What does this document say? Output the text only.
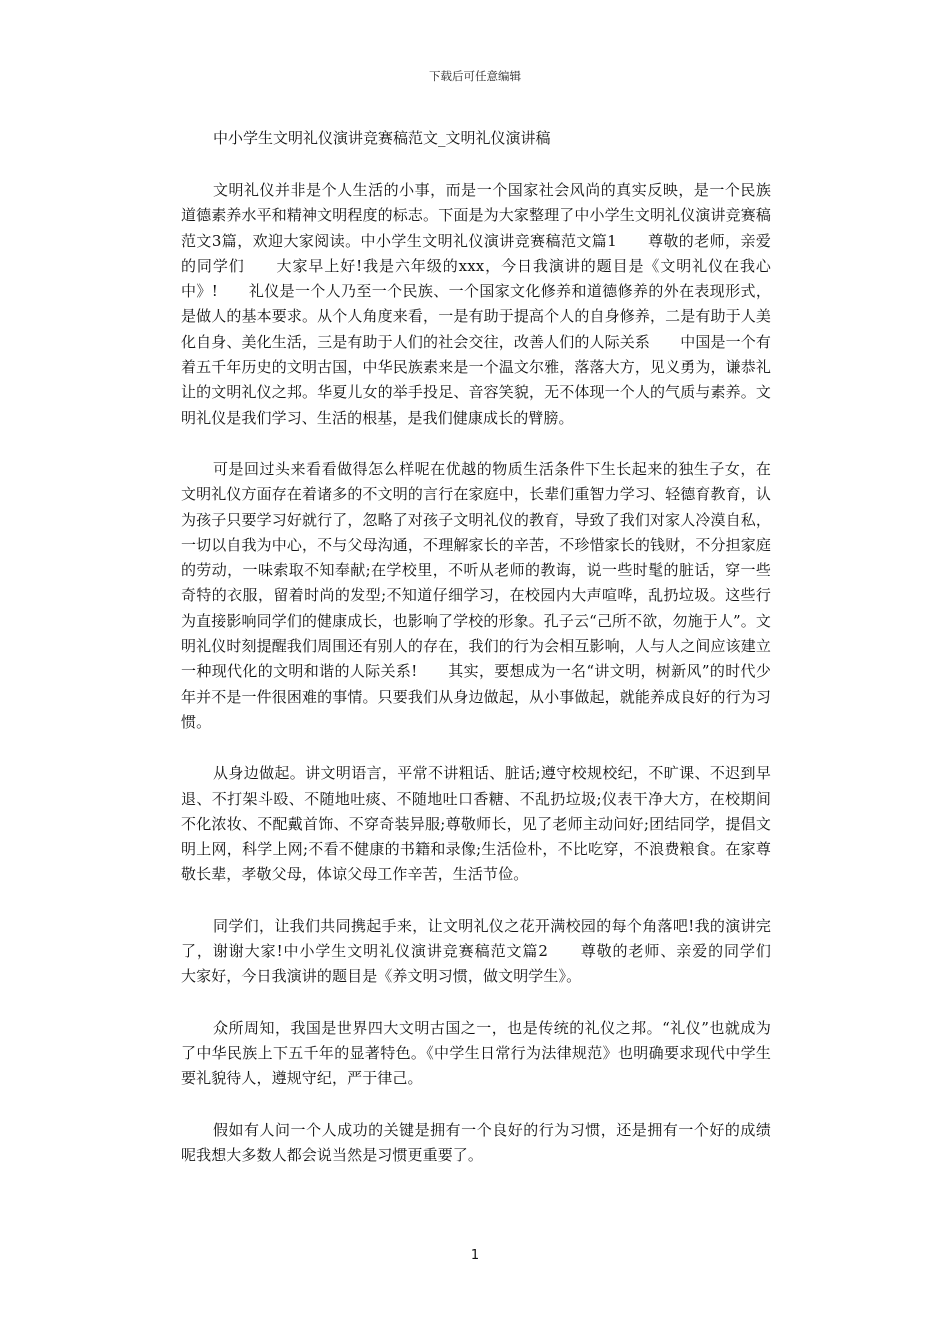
下载后可任意编辑
中小学生文明礼仪演讲竞赛稿范文_文明礼仪演讲稿

文明礼仪并非是个人生活的小事，而是一个国家社会风尚的真实反映，是一个民族道德素养水平和精神文明程度的标志。下面是为大家整理了中小学生文明礼仪演讲竞赛稿范文3篇，欢迎大家阅读。中小学生文明礼仪演讲竞赛稿范文篇1　　尊敬的老师，亲爱的同学们　　大家早上好!我是六年级的xxx，今日我演讲的题目是《文明礼仪在我心中》!　　礼仪是一个人乃至一个民族、一个国家文化修养和道德修养的外在表现形式，是做人的基本要求。从个人角度来看，一是有助于提高个人的自身修养，二是有助于人美化自身、美化生活，三是有助于人们的社会交往，改善人们的人际关系　　中国是一个有着五千年历史的文明古国，中华民族素来是一个温文尔雅，落落大方，见义勇为，谦恭礼让的文明礼仪之邦。华夏儿女的举手投足、音容笑貌，无不体现一个人的气质与素养。文明礼仪是我们学习、生活的根基，是我们健康成长的臂膀。

可是回过头来看看做得怎么样呢在优越的物质生活条件下生长起来的独生子女，在文明礼仪方面存在着诸多的不文明的言行在家庭中，长辈们重智力学习、轻德育教育，认为孩子只要学习好就行了，忽略了对孩子文明礼仪的教育，导致了我们对家人冷漠自私，一切以自我为中心，不与父母沟通，不理解家长的辛苦，不珍惜家长的钱财，不分担家庭的劳动，一味索取不知奉献;在学校里，不听从老师的教诲，说一些时髦的脏话，穿一些奇特的衣服，留着时尚的发型;不知道仔细学习，在校园内大声喧哗，乱扔垃圾。这些行为直接影响同学们的健康成长，也影响了学校的形象。孔子云“己所不欲，勿施于人”。文明礼仪时刻提醒我们周围还有别人的存在，我们的行为会相互影响，人与人之间应该建立一种现代化的文明和谐的人际关系!　　其实，要想成为一名“讲文明，树新风”的时代少年并不是一件很困难的事情。只要我们从身边做起，从小事做起，就能养成良好的行为习惯。

从身边做起。讲文明语言，平常不讲粗话、脏话;遵守校规校纪，不旷课、不迟到早退、不打架斗殴、不随地吐痰、不随地吐口香糖、不乱扔垃圾;仪表干净大方，在校期间不化浓妆、不配戴首饰、不穿奇装异服;尊敬师长，见了老师主动问好;团结同学，提倡文明上网，科学上网;不看不健康的书籍和录像;生活俭朴，不比吃穿，不浪费粮食。在家尊敬长辈，孝敬父母，体谅父母工作辛苦，生活节俭。

同学们，让我们共同携起手来，让文明礼仪之花开满校园的每个角落吧!我的演讲完了，谢谢大家!中小学生文明礼仪演讲竞赛稿范文篇2　　尊敬的老师、亲爱的同学们　　大家好，今日我演讲的题目是《养文明习惯，做文明学生》。

众所周知，我国是世界四大文明古国之一，也是传统的礼仪之邦。“礼仪”也就成为了中华民族上下五千年的显著特色。《中学生日常行为法律规范》也明确要求现代中学生要礼貌待人，遵规守纪，严于律己。

假如有人问一个人成功的关键是拥有一个良好的行为习惯，还是拥有一个好的成绩呢我想大多数人都会说当然是习惯更重要了。

1
